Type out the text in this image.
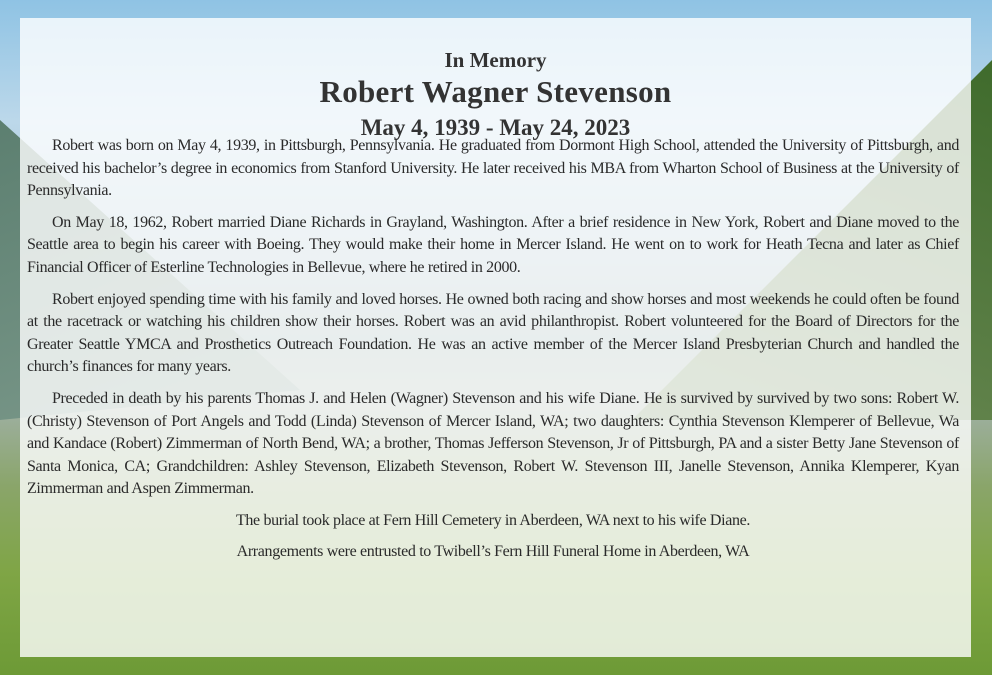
In Memory
Robert Wagner Stevenson
May 4, 1939 - May 24, 2023

Robert was born on May 4, 1939, in Pittsburgh, Pennsylvania. He graduated from Dormont High School, attended the University of Pittsburgh, and received his bachelor’s degree in economics from Stanford University. He later received his MBA from Wharton School of Business at the University of Pennsylvania.

On May 18, 1962, Robert married Diane Richards in Grayland, Washington. After a brief residence in New York, Robert and Diane moved to the Seattle area to begin his career with Boeing. They would make their home in Mercer Island. He went on to work for Heath Tecna and later as Chief Financial Officer of Esterline Technologies in Bellevue, where he retired in 2000.

Robert enjoyed spending time with his family and loved horses. He owned both racing and show horses and most weekends he could often be found at the racetrack or watching his children show their horses. Robert was an avid philanthropist. Robert volunteered for the Board of Directors for the Greater Seattle YMCA and Prosthetics Outreach Foundation. He was an active member of the Mercer Island Presbyterian Church and handled the church’s finances for many years.

Preceded in death by his parents Thomas J. and Helen (Wagner) Stevenson and his wife Diane. He is survived by survived by two sons: Robert W. (Christy) Stevenson of Port Angels and Todd (Linda) Stevenson of Mercer Island, WA; two daughters: Cynthia Stevenson Klemperer of Bellevue, Wa and Kandace (Robert) Zimmerman of North Bend, WA; a brother, Thomas Jefferson Stevenson, Jr of Pittsburgh, PA and a sister Betty Jane Stevenson of Santa Monica, CA; Grandchildren: Ashley Stevenson, Elizabeth Stevenson, Robert W. Stevenson III, Janelle Stevenson, Annika Klemperer, Kyan Zimmerman and Aspen Zimmerman.

The burial took place at Fern Hill Cemetery in Aberdeen, WA next to his wife Diane.

Arrangements were entrusted to Twibell’s Fern Hill Funeral Home in Aberdeen, WA
